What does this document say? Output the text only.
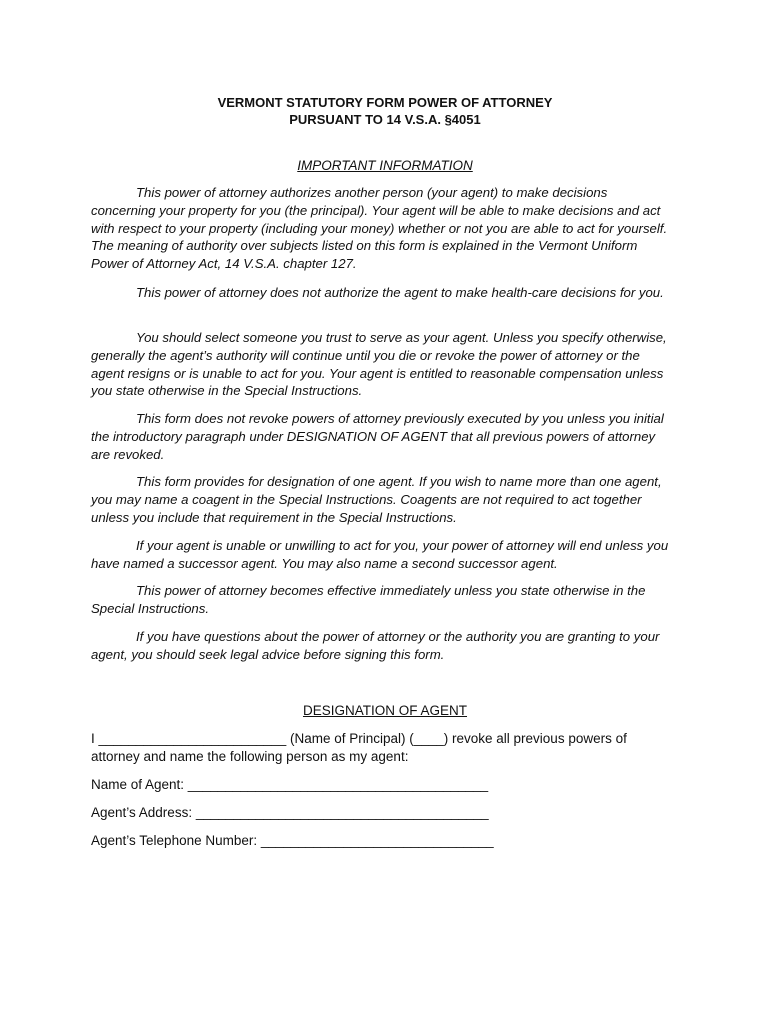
VERMONT STATUTORY FORM POWER OF ATTORNEY
PURSUANT TO 14 V.S.A. §4051
IMPORTANT INFORMATION

This power of attorney authorizes another person (your agent) to make decisions concerning your property for you (the principal). Your agent will be able to make decisions and act with respect to your property (including your money) whether or not you are able to act for yourself. The meaning of authority over subjects listed on this form is explained in the Vermont Uniform Power of Attorney Act, 14 V.S.A. chapter 127.

This power of attorney does not authorize the agent to make health-care decisions for you.

You should select someone you trust to serve as your agent. Unless you specify otherwise, generally the agent’s authority will continue until you die or revoke the power of attorney or the agent resigns or is unable to act for you. Your agent is entitled to reasonable compensation unless you state otherwise in the Special Instructions.

This form does not revoke powers of attorney previously executed by you unless you initial the introductory paragraph under DESIGNATION OF AGENT that all previous powers of attorney are revoked.

This form provides for designation of one agent. If you wish to name more than one agent, you may name a coagent in the Special Instructions. Coagents are not required to act together unless you include that requirement in the Special Instructions.

If your agent is unable or unwilling to act for you, your power of attorney will end unless you have named a successor agent. You may also name a second successor agent.

This power of attorney becomes effective immediately unless you state otherwise in the Special Instructions.

If you have questions about the power of attorney or the authority you are granting to your agent, you should seek legal advice before signing this form.

DESIGNATION OF AGENT

I _________________________ (Name of Principal) (____) revoke all previous powers of attorney and name the following person as my agent:

Name of Agent: ________________________________________

Agent’s Address: _______________________________________

Agent’s Telephone Number: _______________________________
